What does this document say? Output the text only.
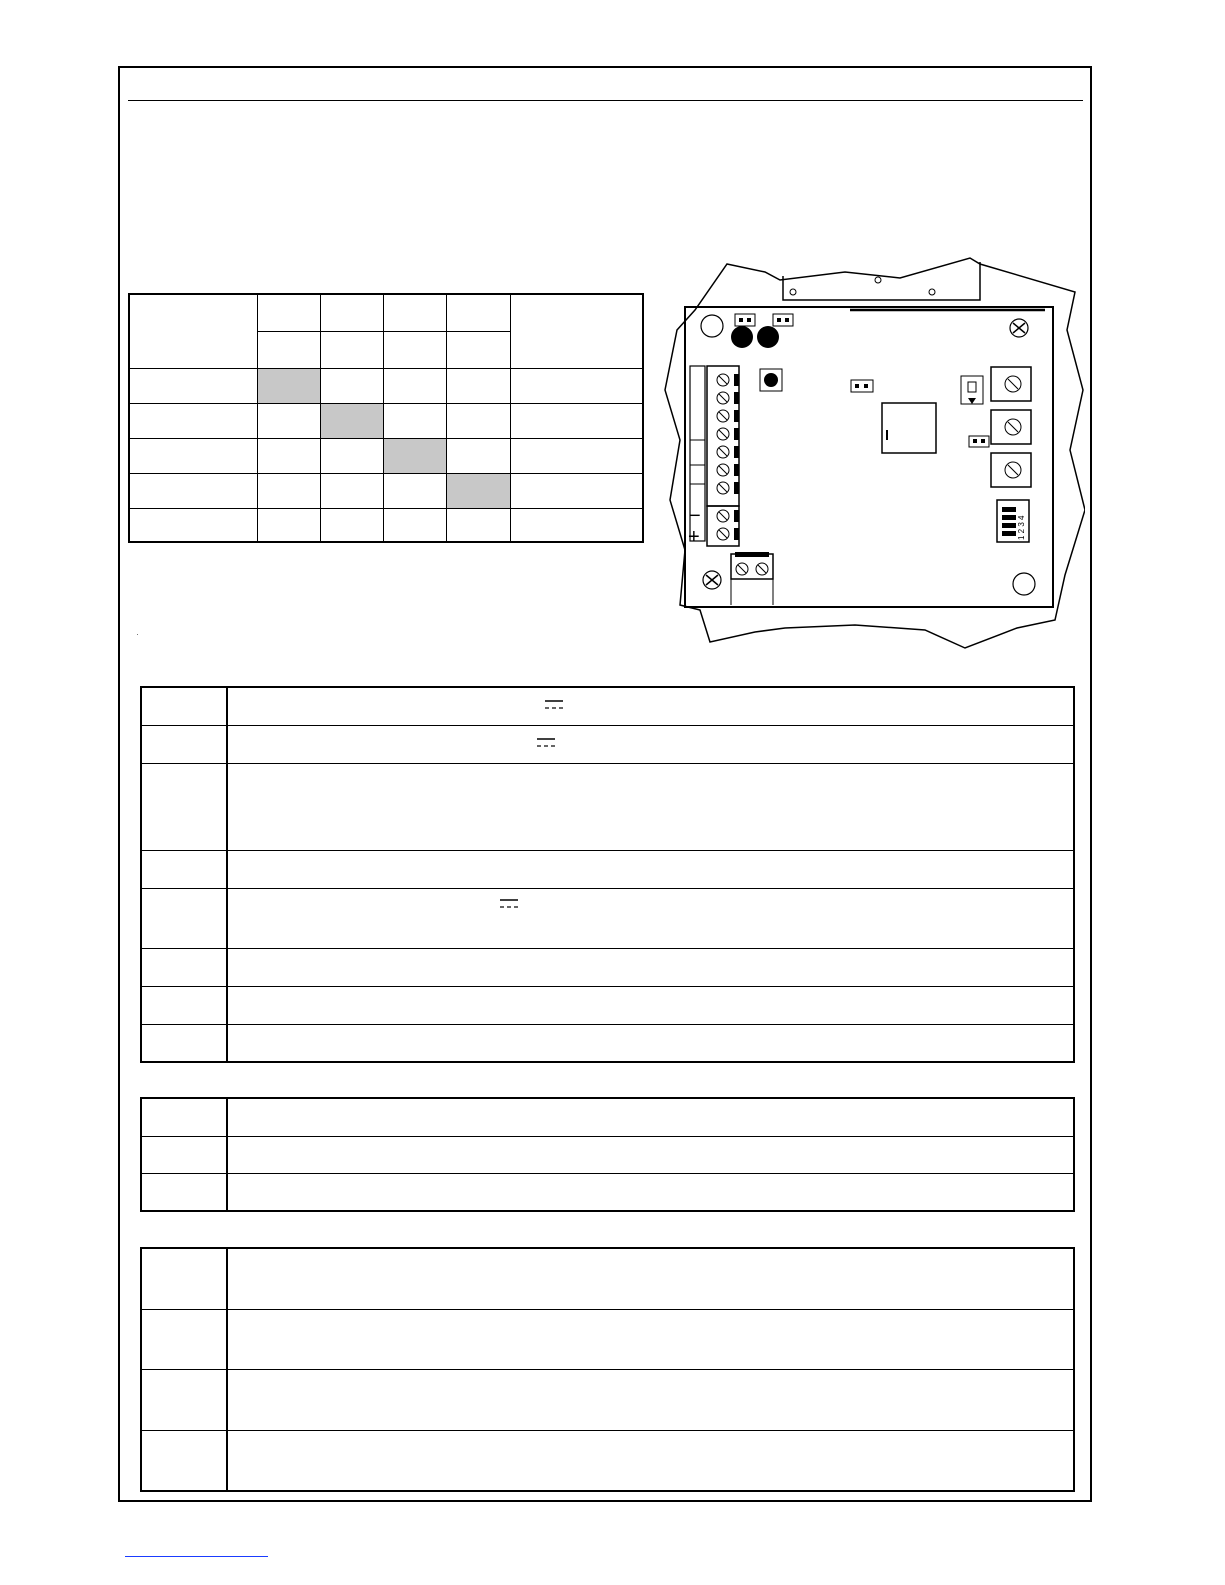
−
+	1 2 3 4
